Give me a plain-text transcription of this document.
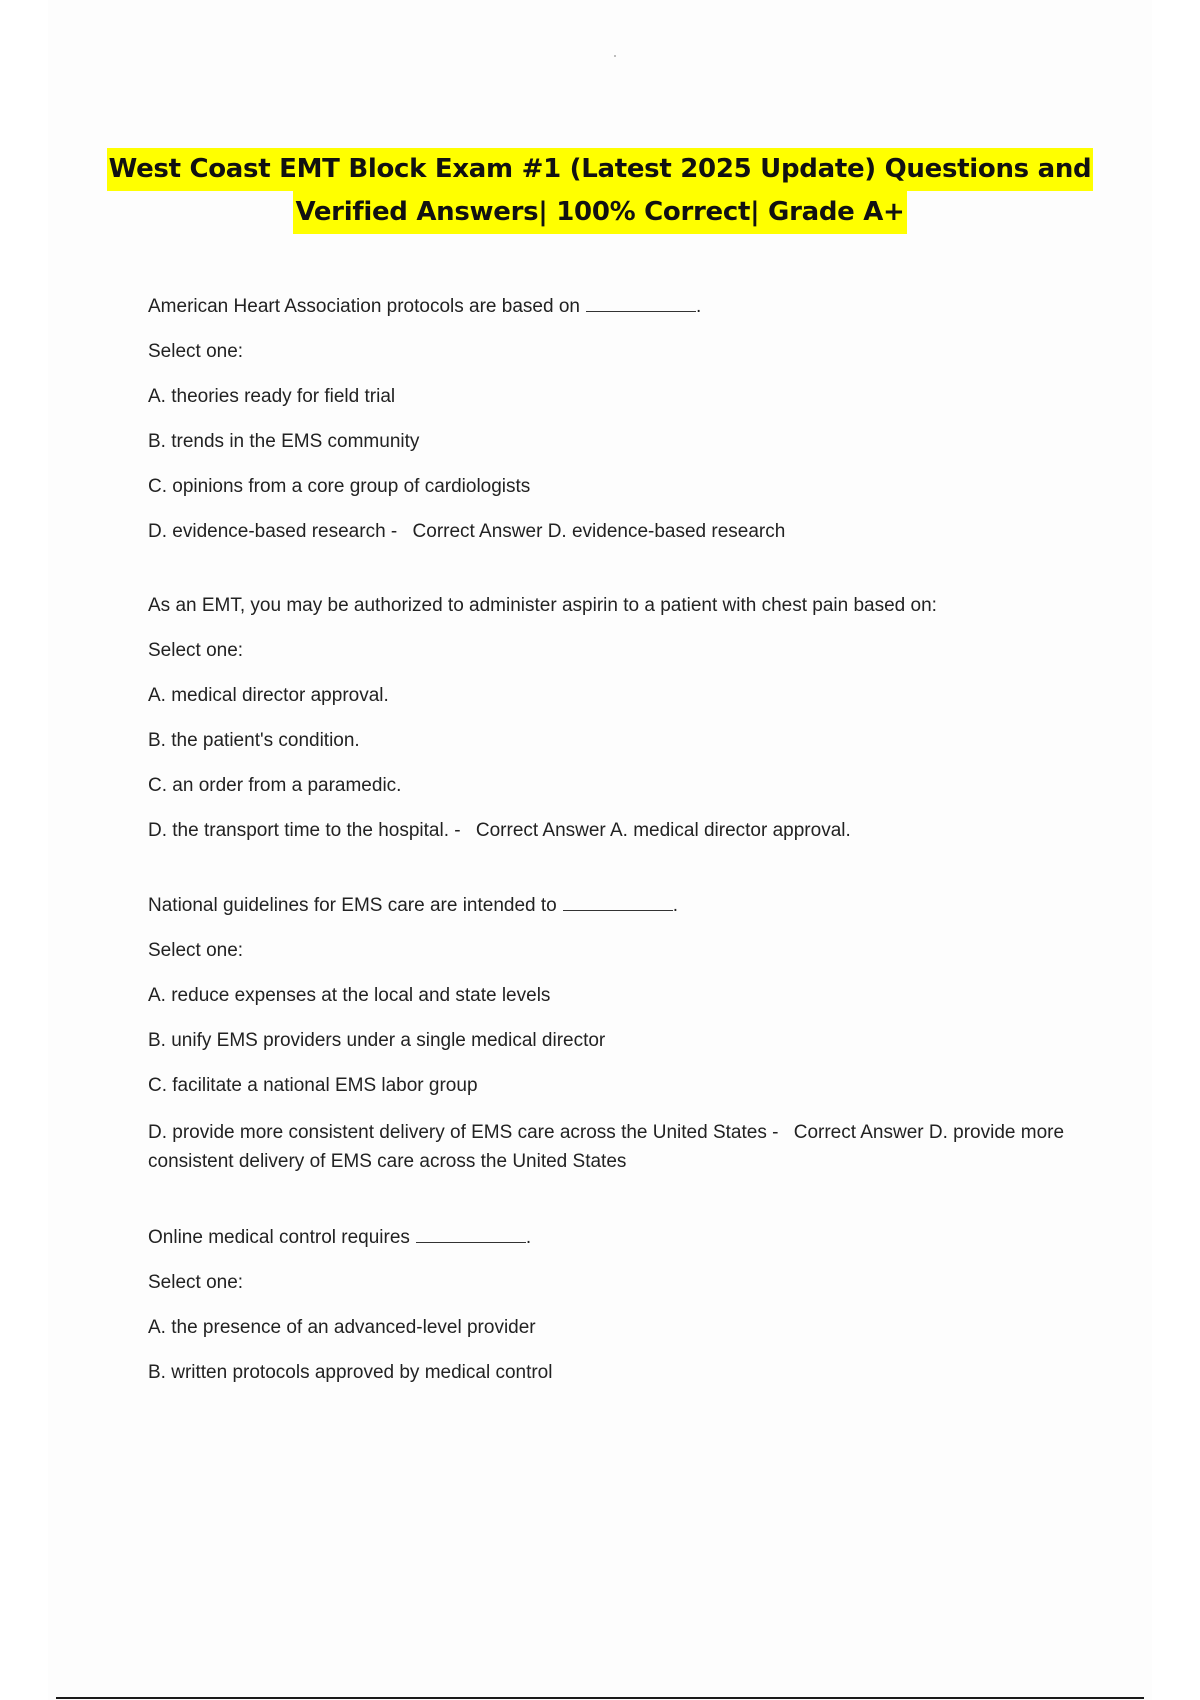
West Coast EMT Block Exam #1 (Latest 2025 Update) Questions and
Verified Answers| 100% Correct| Grade A+
American Heart Association protocols are based on	.
Select one:
A. theories ready for field trial
B. trends in the EMS community
C. opinions from a core group of cardiologists
D. evidence-based research - Correct Answer D. evidence-based research
As an EMT, you may be authorized to administer aspirin to a patient with chest pain based on:
Select one:
A. medical director approval.
B. the patient's condition.
C. an order from a paramedic.
D. the transport time to the hospital. - Correct Answer A. medical director approval.
National guidelines for EMS care are intended to	.
Select one:
A. reduce expenses at the local and state levels
B. unify EMS providers under a single medical director
C. facilitate a national EMS labor group
D. provide more consistent delivery of EMS care across the United States - Correct Answer D. provide more consistent delivery of EMS care across the United States
Online medical control requires	.
Select one:
A. the presence of an advanced-level provider
B. written protocols approved by medical control
